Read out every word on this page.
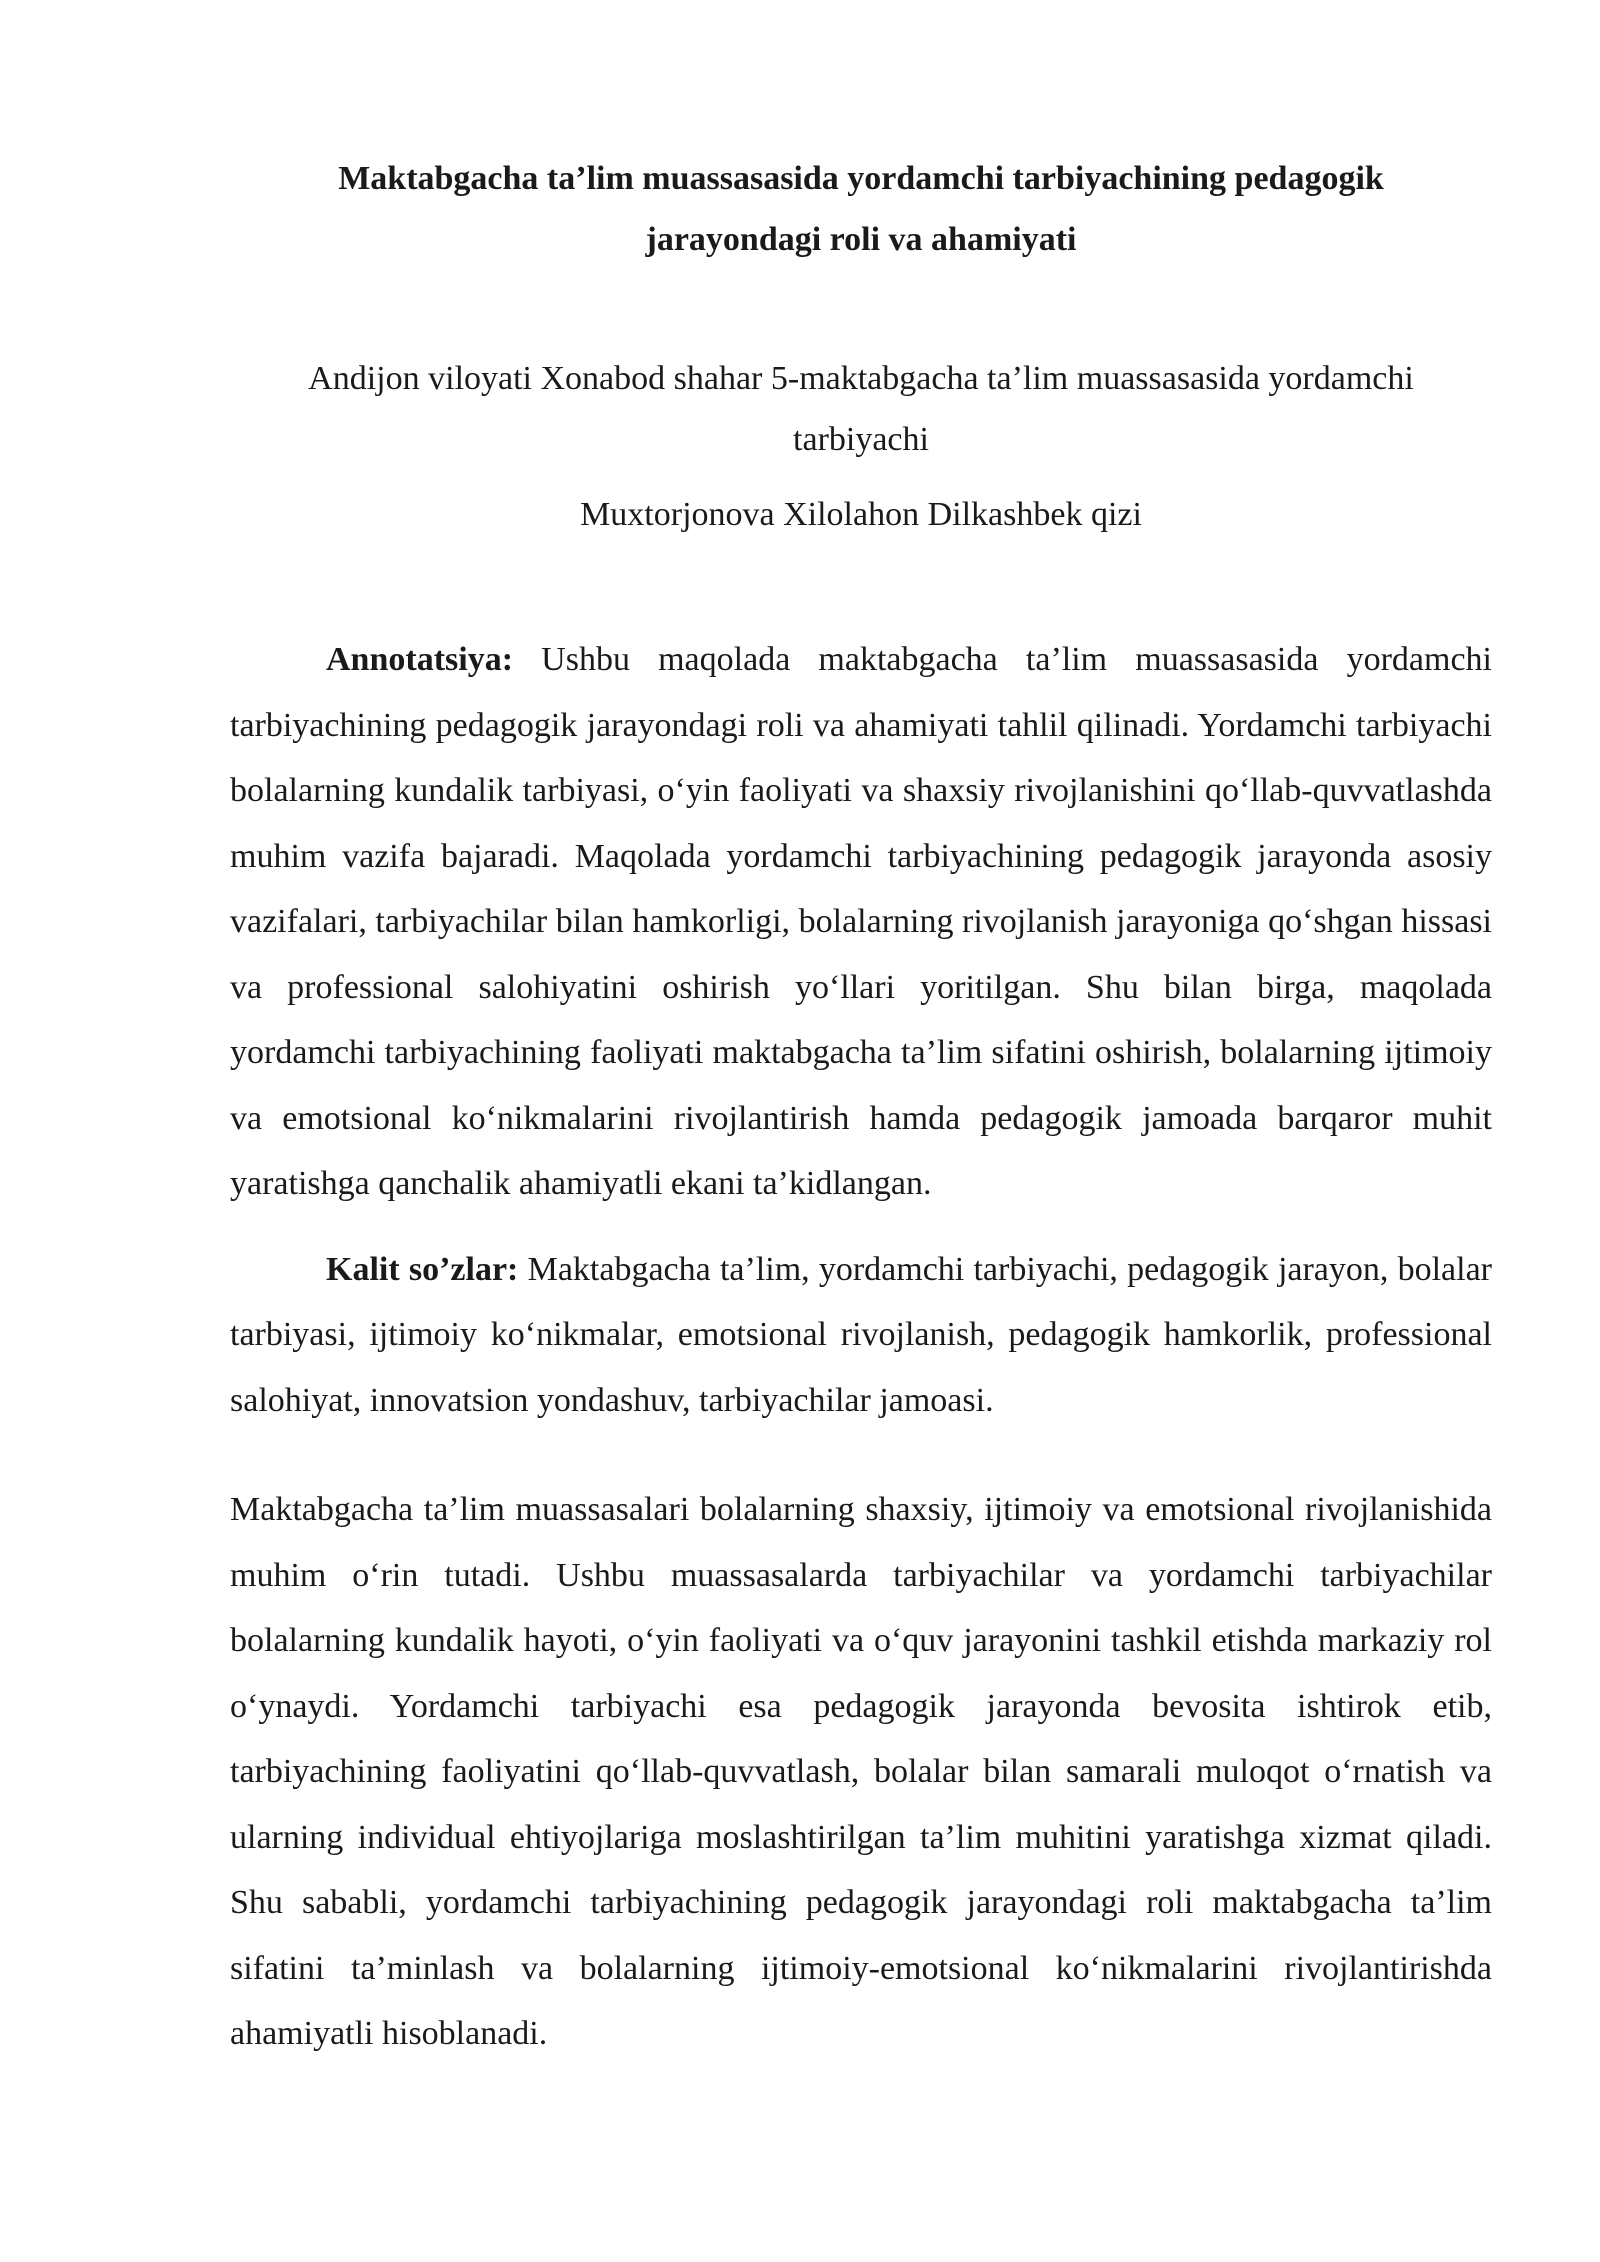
Maktabgacha ta’lim muassasasida yordamchi tarbiyachining pedagogik jarayondagi roli va ahamiyati

Andijon viloyati Xonabod shahar 5-maktabgacha ta’lim muassasasida yordamchi tarbiyachi

Muxtorjonova Xilolahon Dilkashbek qizi

Annotatsiya: Ushbu maqolada maktabgacha ta’lim muassasasida yordamchi tarbiyachining pedagogik jarayondagi roli va ahamiyati tahlil qilinadi. Yordamchi tarbiyachi bolalarning kundalik tarbiyasi, o‘yin faoliyati va shaxsiy rivojlanishini qo‘llab-quvvatlashda muhim vazifa bajaradi. Maqolada yordamchi tarbiyachining pedagogik jarayonda asosiy vazifalari, tarbiyachilar bilan hamkorligi, bolalarning rivojlanish jarayoniga qo‘shgan hissasi va professional salohiyatini oshirish yo‘llari yoritilgan. Shu bilan birga, maqolada yordamchi tarbiyachining faoliyati maktabgacha ta’lim sifatini oshirish, bolalarning ijtimoiy va emotsional ko‘nikmalarini rivojlantirish hamda pedagogik jamoada barqaror muhit yaratishga qanchalik ahamiyatli ekani ta’kidlangan.

Kalit so’zlar: Maktabgacha ta’lim, yordamchi tarbiyachi, pedagogik jarayon, bolalar tarbiyasi, ijtimoiy ko‘nikmalar, emotsional rivojlanish, pedagogik hamkorlik, professional salohiyat, innovatsion yondashuv, tarbiyachilar jamoasi.

Maktabgacha ta’lim muassasalari bolalarning shaxsiy, ijtimoiy va emotsional rivojlanishida muhim o‘rin tutadi. Ushbu muassasalarda tarbiyachilar va yordamchi tarbiyachilar bolalarning kundalik hayoti, o‘yin faoliyati va o‘quv jarayonini tashkil etishda markaziy rol o‘ynaydi. Yordamchi tarbiyachi esa pedagogik jarayonda bevosita ishtirok etib, tarbiyachining faoliyatini qo‘llab-quvvatlash, bolalar bilan samarali muloqot o‘rnatish va ularning individual ehtiyojlariga moslashtirilgan ta’lim muhitini yaratishga xizmat qiladi. Shu sababli, yordamchi tarbiyachining pedagogik jarayondagi roli maktabgacha ta’lim sifatini ta’minlash va bolalarning ijtimoiy-emotsional ko‘nikmalarini rivojlantirishda ahamiyatli hisoblanadi.
